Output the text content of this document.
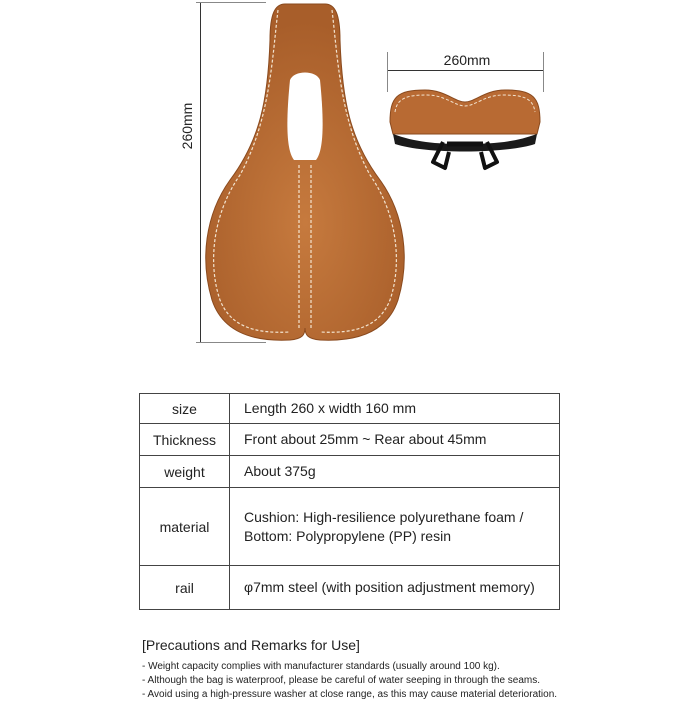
260mm
260mm
size	Length 260 x width 160 mm
Thickness	Front about 25mm ~ Rear about 45mm
weight	About 375g
material	Cushion: High-resilience polyurethane foam /
Bottom: Polypropylene (PP) resin

rail	φ7mm steel (with position adjustment memory)
[Precautions and Remarks for Use]
- Weight capacity complies with manufacturer standards (usually around 100 kg).
- Although the bag is waterproof, please be careful of water seeping in through the seams.
- Avoid using a high-pressure washer at close range, as this may cause material deterioration.
